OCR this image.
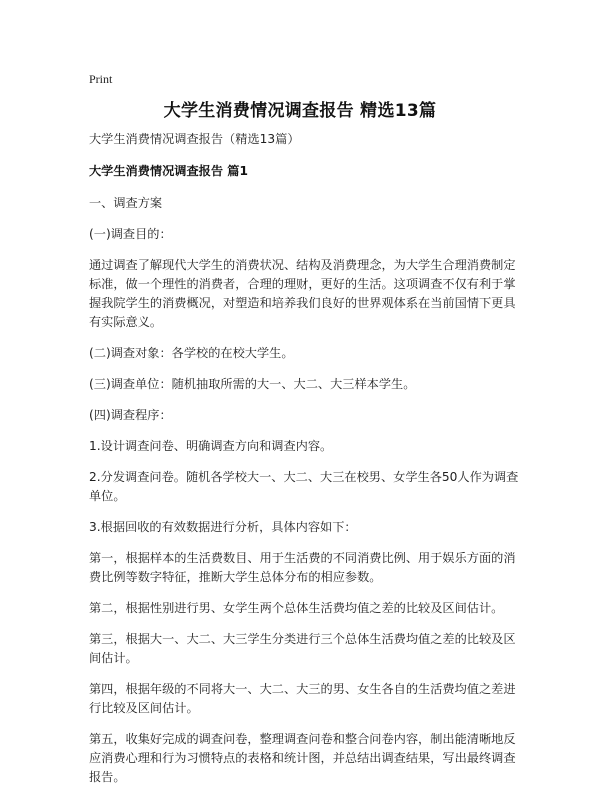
Print
大学生消费情况调查报告 精选13篇

大学生消费情况调查报告（精选13篇）

大学生消费情况调查报告 篇1

一、调查方案

(一)调查目的：

通过调查了解现代大学生的消费状况、结构及消费理念，为大学生合理消费制定标准，做一个理性的消费者，合理的理财，更好的生活。这项调查不仅有利于掌握我院学生的消费概况，对塑造和培养我们良好的世界观体系在当前国情下更具有实际意义。

(二)调查对象：各学校的在校大学生。

(三)调查单位：随机抽取所需的大一、大二、大三样本学生。

(四)调查程序：

1.设计调查问卷、明确调查方向和调查内容。

2.分发调查问卷。随机各学校大一、大二、大三在校男、女学生各50人作为调查单位。

3.根据回收的有效数据进行分析，具体内容如下：

第一，根据样本的生活费数目、用于生活费的不同消费比例、用于娱乐方面的消费比例等数字特征，推断大学生总体分布的相应参数。

第二，根据性别进行男、女学生两个总体生活费均值之差的比较及区间估计。

第三，根据大一、大二、大三学生分类进行三个总体生活费均值之差的比较及区间估计。

第四，根据年级的不同将大一、大二、大三的男、女生各自的生活费均值之差进行比较及区间估计。

第五，收集好完成的调查问卷，整理调查问卷和整合问卷内容，制出能清晰地反应消费心理和行为习惯特点的表格和统计图，并总结出调查结果，写出最终调查报告。
